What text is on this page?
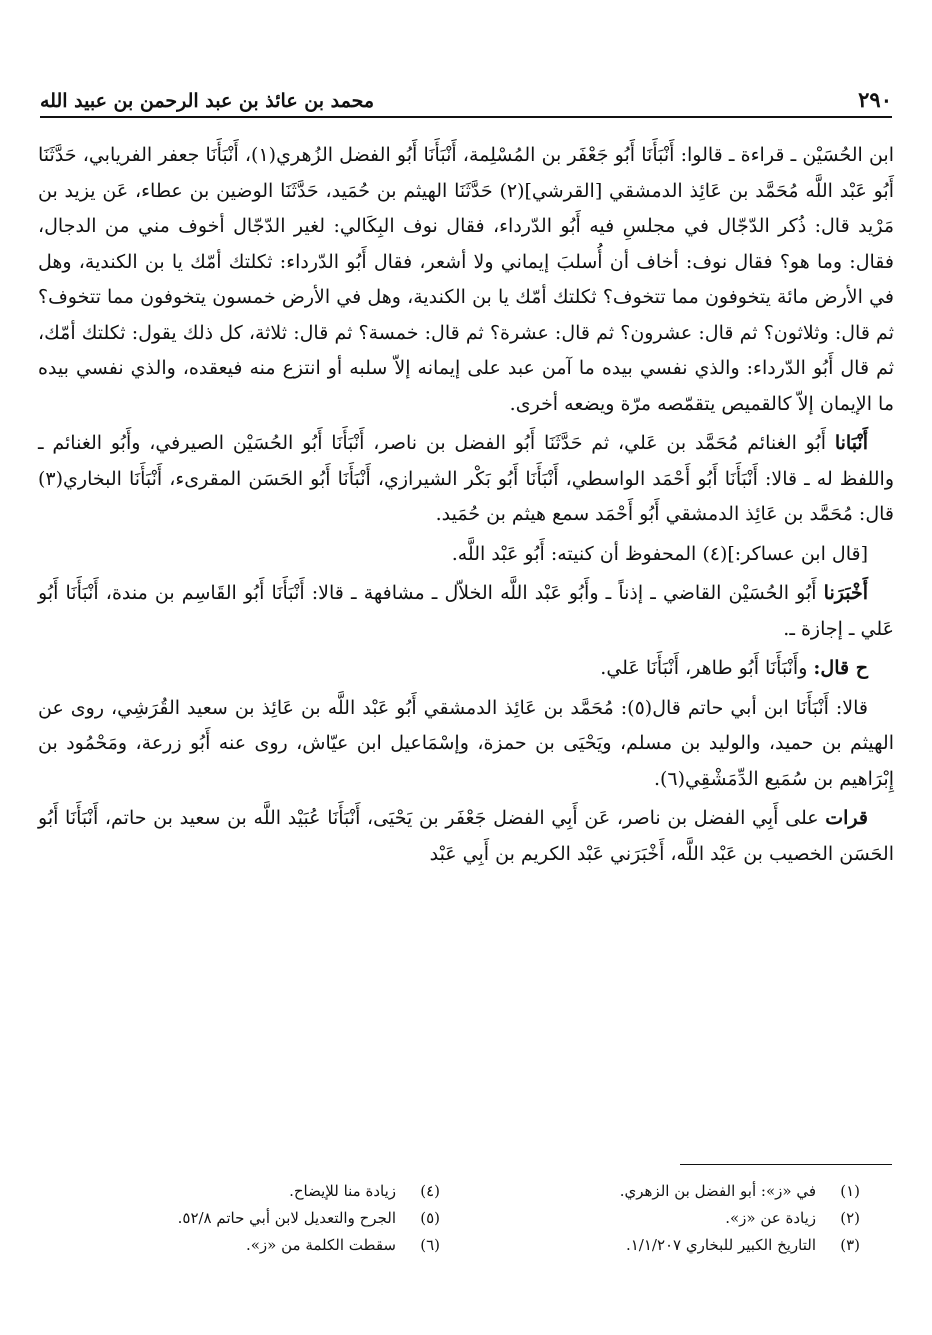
٢٩٠
محمد بن عائذ بن عبد الرحمن بن عبيد الله

ابن الحُسَيْن ـ قراءة ـ قالوا: أَنْبَأَنَا أَبُو جَعْفَر بن المُسْلِمة، أَنْبَأَنَا أَبُو الفضل الزُهري(١)، أَنْبَأَنَا جعفر الفريابي، حَدَّثَنَا أَبُو عَبْد اللَّه مُحَمَّد بن عَائِذ الدمشقي [القرشي](٢) حَدَّثَنَا الهيثم بن حُمَيد، حَدَّثَنَا الوضين بن عطاء، عَن يزيد بن مَرْيد قال: ذُكر الدّجّال في مجلسِ فيه أَبُو الدّرداء، فقال نوف البِكَالي: لغير الدّجّال أخوف مني من الدجال، فقال: وما هو؟ فقال نوف: أخاف أن أُسلبَ إيماني ولا أشعر، فقال أَبُو الدّرداء: ثكلتك أمّك يا بن الكندية، وهل في الأرض مائة يتخوفون مما تتخوف؟ ثكلتك أمّك يا بن الكندية، وهل في الأرض خمسون يتخوفون مما تتخوف؟ ثم قال: وثلاثون؟ ثم قال: عشرون؟ ثم قال: عشرة؟ ثم قال: خمسة؟ ثم قال: ثلاثة، كل ذلك يقول: ثكلتك أمّك، ثم قال أَبُو الدّرداء: والذي نفسي بيده ما آمن عبد على إيمانه إلاّ سلبه أو انتزع منه فيعقده، والذي نفسي بيده ما الإيمان إلاّ كالقميص يتقمّصه مرّة ويضعه أخرى.

أَنْبَانا أَبُو الغنائم مُحَمَّد بن عَلي، ثم حَدَّثَنَا أَبُو الفضل بن ناصر، أَنْبَأَنَا أَبُو الحُسَيْن الصيرفي، وأَبُو الغنائم ـ واللفظ له ـ قالا: أَنْبَأَنَا أَبُو أَحْمَد الواسطي، أَنْبَأَنَا أَبُو بَكْر الشيرازي، أَنْبَأَنَا أَبُو الحَسَن المقرىء، أَنْبَأَنَا البخاري(٣) قال: مُحَمَّد بن عَائِذ الدمشقي أَبُو أَحْمَد سمع هيثم بن حُمَيد.

[قال ابن عساكر:](٤) المحفوظ أن كنيته: أَبُو عَبْد اللَّه.

أَخْبَرَنا أَبُو الحُسَيْن القاضي ـ إذناً ـ وأَبُو عَبْد اللَّه الخلاّل ـ مشافهة ـ قالا: أَنْبَأَنَا أَبُو القَاسِم بن مندة، أَنْبَأَنَا أَبُو عَلي ـ إجازة ـ.

ح قال: وأَنْبَأَنَا أَبُو طاهر، أَنْبَأَنَا عَلي.

قالا: أَنْبَأَنَا ابن أبي حاتم قال(٥): مُحَمَّد بن عَائِذ الدمشقي أَبُو عَبْد اللَّه بن عَائِذ بن سعيد القُرَشِي، روى عن الهيثم بن حميد، والوليد بن مسلم، ويَحْيَى بن حمزة، وإسْمَاعيل ابن عيّاش، روى عنه أَبُو زرعة، ومَحْمُود بن إِبْرَاهيم بن سُمَيع الدِّمَشْقِي(٦).

قرات على أَبِي الفضل بن ناصر، عَن أَبِي الفضل جَعْفَر بن يَحْيَى، أَنْبَأَنَا عُبَيْد اللَّه بن سعيد بن حاتم، أَنْبَأَنَا أَبُو الحَسَن الخصيب بن عَبْد اللَّه، أَخْبَرَني عَبْد الكريم بن أَبِي عَبْد

(١)
في «ز»: أبو الفضل بن الزهري.
(٢)
زيادة عن «ز».
(٣)
التاريخ الكبير للبخاري ١/١/٢٠٧.
(٤)
زيادة منا للإيضاح.
(٥)
الجرح والتعديل لابن أبي حاتم ٥٢/٨.
(٦)
سقطت الكلمة من «ز».
